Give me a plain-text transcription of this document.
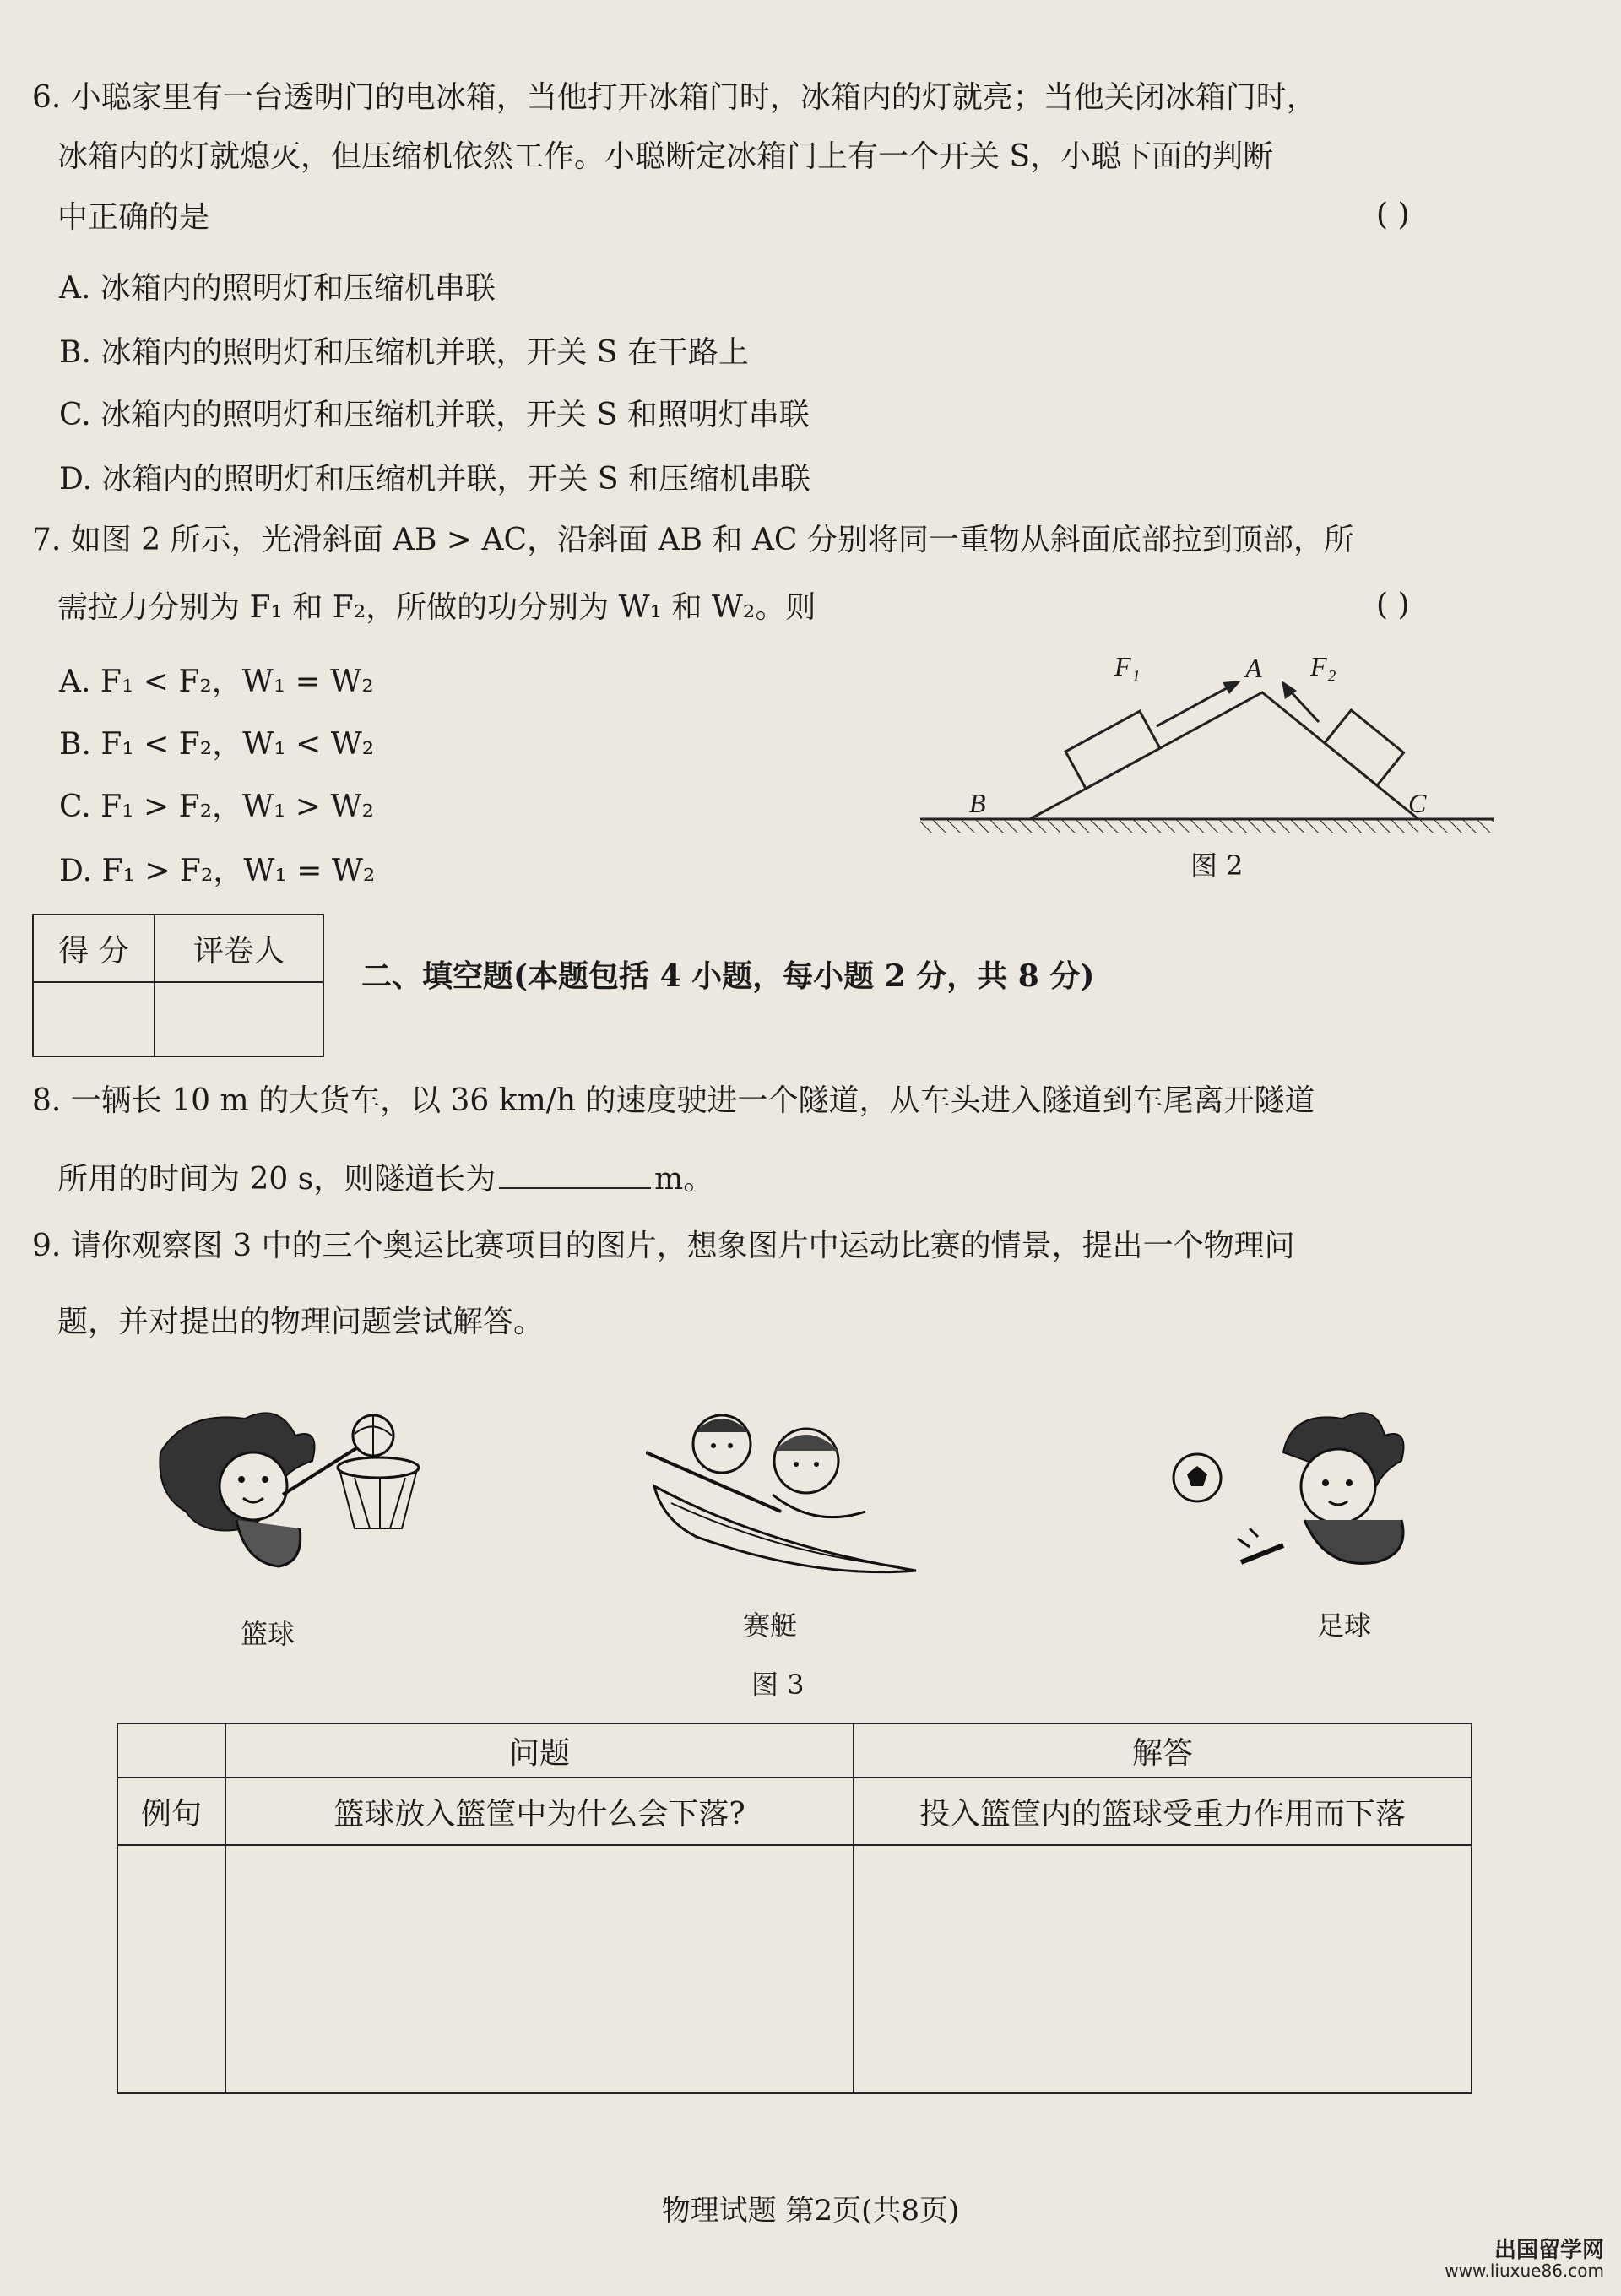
6. 小聪家里有一台透明门的电冰箱，当他打开冰箱门时，冰箱内的灯就亮；当他关闭冰箱门时，
冰箱内的灯就熄灭，但压缩机依然工作。小聪断定冰箱门上有一个开关 S，小聪下面的判断
中正确的是	( )
A. 冰箱内的照明灯和压缩机串联
B. 冰箱内的照明灯和压缩机并联，开关 S 在干路上
C. 冰箱内的照明灯和压缩机并联，开关 S 和照明灯串联
D. 冰箱内的照明灯和压缩机并联，开关 S 和压缩机串联
7. 如图 2 所示，光滑斜面 AB > AC，沿斜面 AB 和 AC 分别将同一重物从斜面底部拉到顶部，所
需拉力分别为 F₁ 和 F₂，所做的功分别为 W₁ 和 W₂。则	( )
A. F₁ < F₂，W₁ = W₂
B. F₁ < F₂，W₁ < W₂
C. F₁ > F₂，W₁ > W₂
D. F₁ > F₂，W₁ = W₂
F₁	F₂
A
B	C
图 2
得 分	评卷人

二、填空题(本题包括 4 小题，每小题 2 分，共 8 分)
8. 一辆长 10 m 的大货车，以 36 km/h 的速度驶进一个隧道，从车头进入隧道到车尾离开隧道
所用的时间为 20 s，则隧道长为	m。
9. 请你观察图 3 中的三个奥运比赛项目的图片，想象图片中运动比赛的情景，提出一个物理问
题，并对提出的物理问题尝试解答。
篮球	赛艇	足球
图 3
	问题	解答
例句	篮球放入篮筐中为什么会下落?	投入篮筐内的篮球受重力作用而下落

物理试题 第2页(共8页)
出国留学网
www.liuxue86.com
